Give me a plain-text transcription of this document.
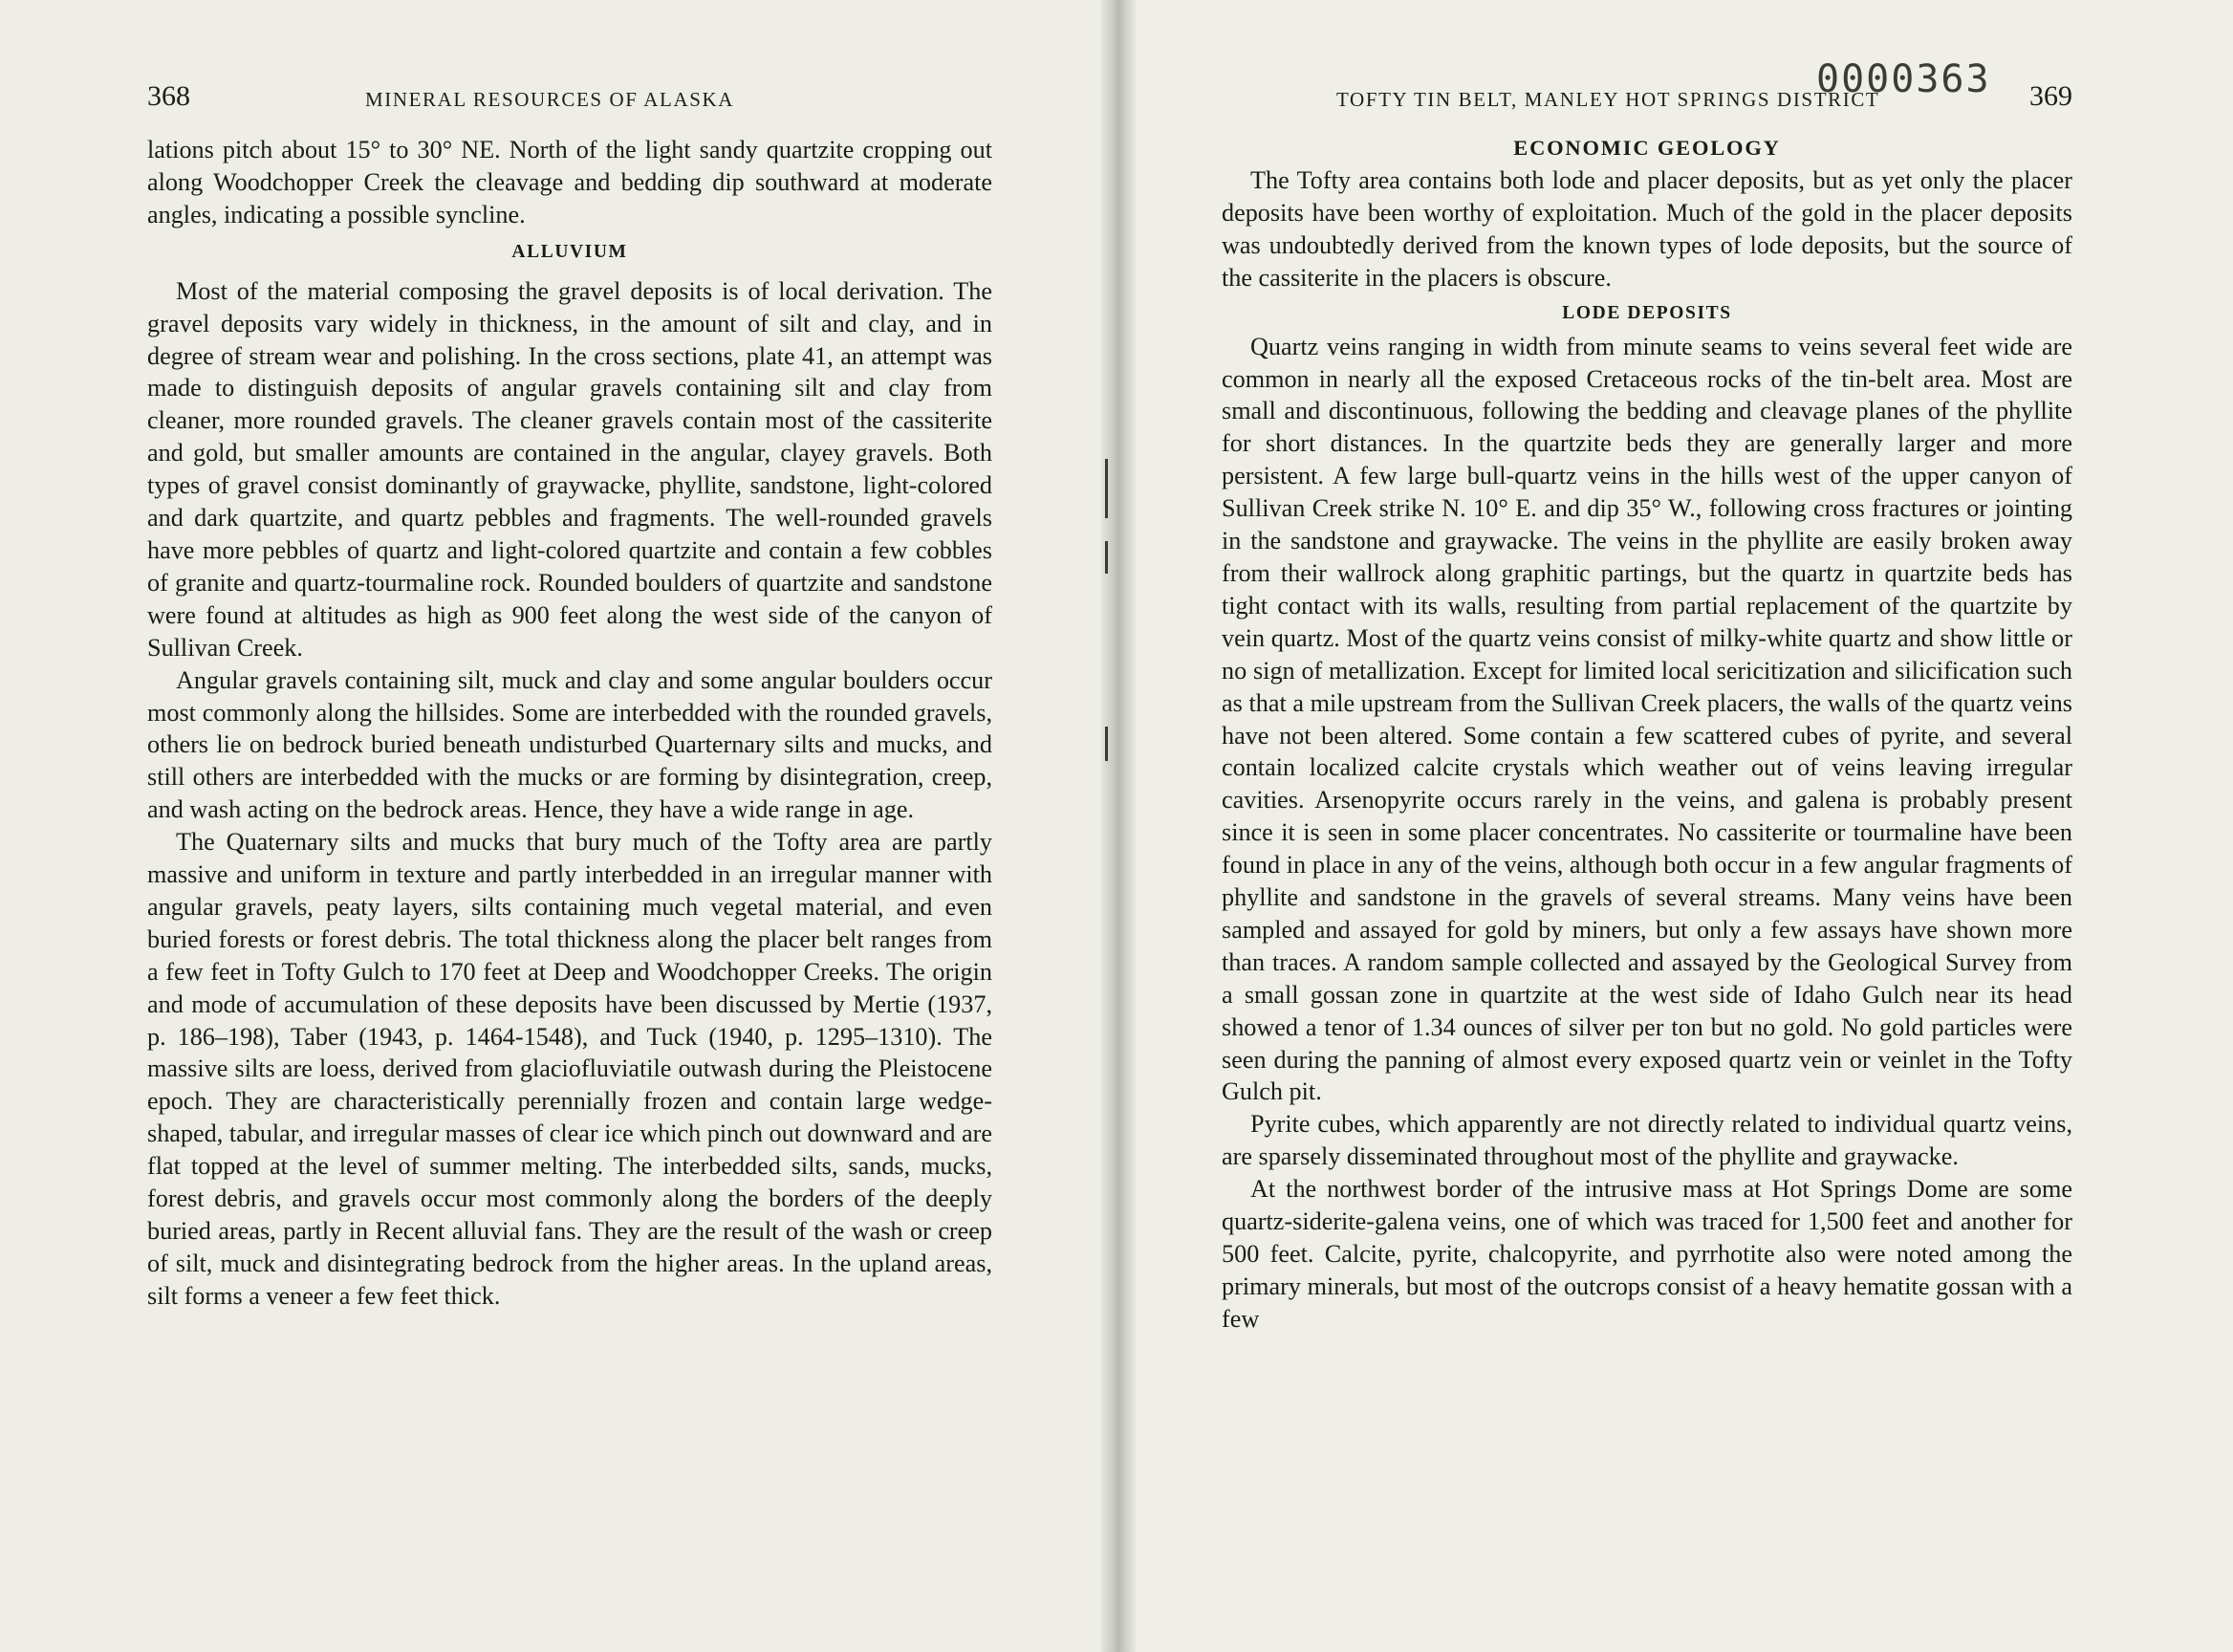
368	MINERAL RESOURCES OF ALASKA	TOFTY TIN BELT, MANLEY HOT SPRINGS DISTRICT	369
0000363

lations pitch about 15° to 30° NE. North of the light sandy quartzite cropping out along Woodchopper Creek the cleavage and bedding dip southward at moderate angles, indicating a possible syncline.

ALLUVIUM

Most of the material composing the gravel deposits is of local derivation. The gravel deposits vary widely in thickness, in the amount of silt and clay, and in degree of stream wear and polishing. In the cross sections, plate 41, an attempt was made to distinguish deposits of angular gravels containing silt and clay from cleaner, more rounded gravels. The cleaner gravels contain most of the cassiterite and gold, but smaller amounts are contained in the angular, clayey gravels. Both types of gravel consist dominantly of graywacke, phyllite, sandstone, light-colored and dark quartzite, and quartz pebbles and fragments. The well-rounded gravels have more pebbles of quartz and light-colored quartzite and contain a few cobbles of granite and quartz-tourmaline rock. Rounded boulders of quartzite and sandstone were found at altitudes as high as 900 feet along the west side of the canyon of Sullivan Creek.

Angular gravels containing silt, muck and clay and some angular boulders occur most commonly along the hillsides. Some are interbedded with the rounded gravels, others lie on bedrock buried beneath undisturbed Quarternary silts and mucks, and still others are interbedded with the mucks or are forming by disintegration, creep, and wash acting on the bedrock areas. Hence, they have a wide range in age.

The Quaternary silts and mucks that bury much of the Tofty area are partly massive and uniform in texture and partly interbedded in an irregular manner with angular gravels, peaty layers, silts containing much vegetal material, and even buried forests or forest debris. The total thickness along the placer belt ranges from a few feet in Tofty Gulch to 170 feet at Deep and Woodchopper Creeks. The origin and mode of accumulation of these deposits have been discussed by Mertie (1937, p. 186–198), Taber (1943, p. 1464-1548), and Tuck (1940, p. 1295–1310). The massive silts are loess, derived from glaciofluviatile outwash during the Pleistocene epoch. They are characteristically perennially frozen and contain large wedge-shaped, tabular, and irregular masses of clear ice which pinch out downward and are flat topped at the level of summer melting. The interbedded silts, sands, mucks, forest debris, and gravels occur most commonly along the borders of the deeply buried areas, partly in Recent alluvial fans. They are the result of the wash or creep of silt, muck and disintegrating bedrock from the higher areas. In the upland areas, silt forms a veneer a few feet thick.

ECONOMIC GEOLOGY

The Tofty area contains both lode and placer deposits, but as yet only the placer deposits have been worthy of exploitation. Much of the gold in the placer deposits was undoubtedly derived from the known types of lode deposits, but the source of the cassiterite in the placers is obscure.

LODE DEPOSITS

Quartz veins ranging in width from minute seams to veins several feet wide are common in nearly all the exposed Cretaceous rocks of the tin-belt area. Most are small and discontinuous, following the bedding and cleavage planes of the phyllite for short distances. In the quartzite beds they are generally larger and more persistent. A few large bull-quartz veins in the hills west of the upper canyon of Sullivan Creek strike N. 10° E. and dip 35° W., following cross fractures or jointing in the sandstone and graywacke. The veins in the phyllite are easily broken away from their wallrock along graphitic partings, but the quartz in quartzite beds has tight contact with its walls, resulting from partial replacement of the quartzite by vein quartz. Most of the quartz veins consist of milky-white quartz and show little or no sign of metallization. Except for limited local sericitization and silicification such as that a mile upstream from the Sullivan Creek placers, the walls of the quartz veins have not been altered. Some contain a few scattered cubes of pyrite, and several contain localized calcite crystals which weather out of veins leaving irregular cavities. Arsenopyrite occurs rarely in the veins, and galena is probably present since it is seen in some placer concentrates. No cassiterite or tourmaline have been found in place in any of the veins, although both occur in a few angular fragments of phyllite and sandstone in the gravels of several streams. Many veins have been sampled and assayed for gold by miners, but only a few assays have shown more than traces. A random sample collected and assayed by the Geological Survey from a small gossan zone in quartzite at the west side of Idaho Gulch near its head showed a tenor of 1.34 ounces of silver per ton but no gold. No gold particles were seen during the panning of almost every exposed quartz vein or veinlet in the Tofty Gulch pit.

Pyrite cubes, which apparently are not directly related to individual quartz veins, are sparsely disseminated throughout most of the phyllite and graywacke.

At the northwest border of the intrusive mass at Hot Springs Dome are some quartz-siderite-galena veins, one of which was traced for 1,500 feet and another for 500 feet. Calcite, pyrite, chalcopyrite, and pyrrhotite also were noted among the primary minerals, but most of the outcrops consist of a heavy hematite gossan with a few
